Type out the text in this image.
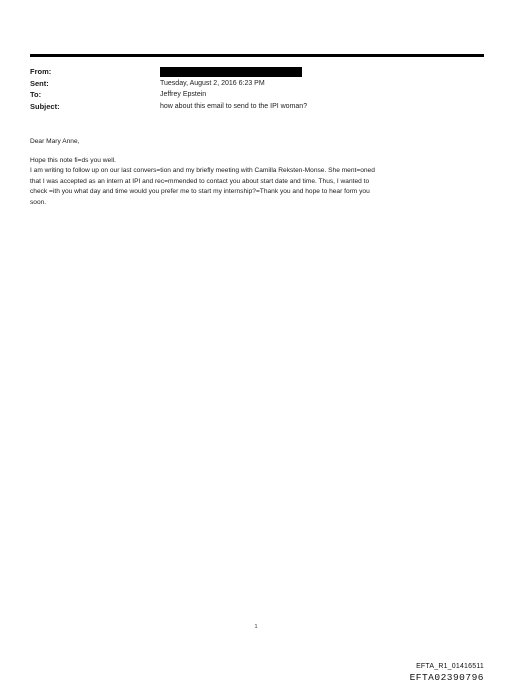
From:
Sent:	Tuesday, August 2, 2016 6:23 PM
To:	Jeffrey Epstein
Subject:	how about this email to send to the IPI woman?

Dear Mary Anne,

Hope this note fi=ds you well.

I am writing to follow up on our last convers=tion and my briefly meeting with Camilla Reksten-Monse. She ment=oned

that I was accepted as an intern at IPI and rec=mmended to contact you about start date and time. Thus, I wanted to

check =ith you what day and time would you prefer me to start my internship?=Thank you and hope to hear form you

soon.

1
EFTA_R1_01416511
EFTA02390796
